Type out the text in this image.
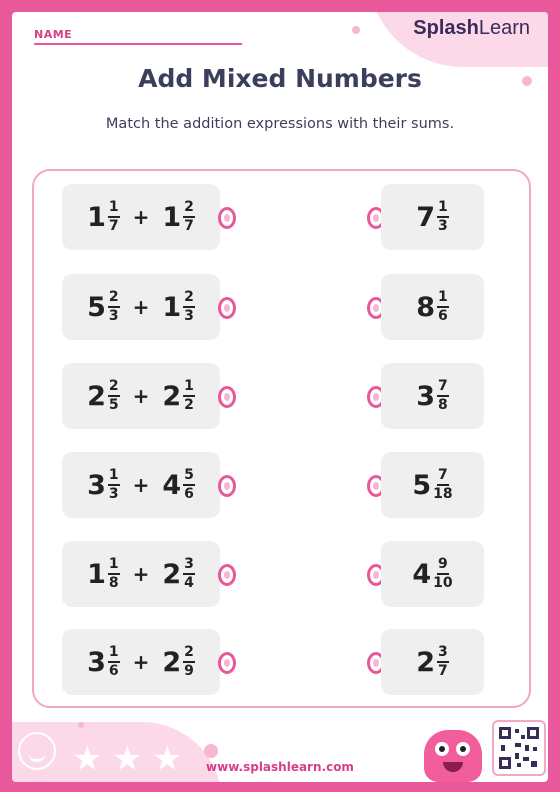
NAME	SplashLearn
Add Mixed Numbers
Match the addition expressions with their sums.
$1 \frac{1}{7} + 1 \frac{2}{7}$
$5 \frac{2}{3} + 1 \frac{2}{3}$
$2 \frac{2}{5} + 2 \frac{1}{2}$
$3 \frac{1}{3} + 4 \frac{5}{6}$
$1 \frac{1}{8} + 2 \frac{3}{4}$
$3 \frac{1}{6} + 2 \frac{2}{9}$
$7 \frac{1}{3}$
$8 \frac{1}{6}$
$3 \frac{7}{8}$
$5 \frac{7}{18}$
$4 \frac{9}{10}$
$2 \frac{3}{7}$
★ ★ ★	www.splashlearn.com
